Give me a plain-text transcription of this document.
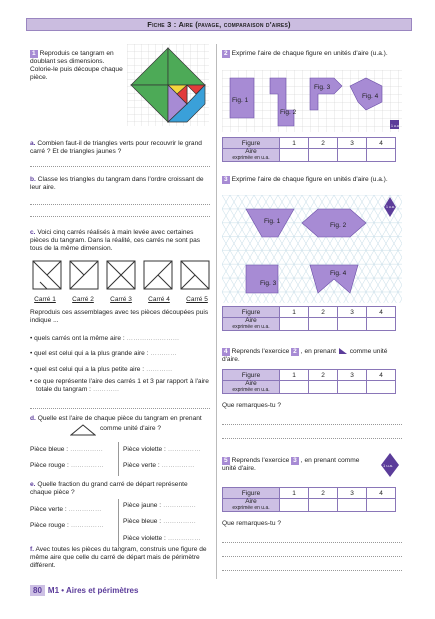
Fiche 3 : Aire (pavage, comparaison d'aires)
1 Reproduis ce tangram en doublant ses dimensions. Colorie-le puis découpe chaque pièce.
a. Combien faut-il de triangles verts pour recouvrir le grand carré ? Et de triangles jaunes ?
b. Classe les triangles du tangram dans l'ordre croissant de leur aire.
c. Voici cinq carrés réalisés à main levée avec certaines pièces du tangram. Dans la réalité, ces carrés ne sont pas tous de la même dimension.
Carré 1	Carré 2	Carré 3	Carré 4	Carré 5
Reproduis ces assemblages avec tes pièces découpées puis indique ...
• quels carrés ont la même aire : ……………………
• quel est celui qui a la plus grande aire : …………
• quel est celui qui a la plus petite aire : …………
• ce que représente l'aire des carrés 1 et 3 par rapport à l'aire totale du tangram : …………
d. Quelle est l'aire de chaque pièce du tangram en prenant
comme unité d'aire ?
Pièce bleue : ……………	Pièce violette : ……………
Pièce rouge : ……………	Pièce verte : ……………
e. Quelle fraction du grand carré de départ représente chaque pièce ?
Pièce jaune : ……………
Pièce verte : ……………
Pièce bleue : ……………
Pièce rouge : ……………
Pièce violette : ……………
f. Avec toutes les pièces du tangram, construis une figure de même aire que celle du carré de départ mais de périmètre différent.
2 Exprime l'aire de chaque figure en unités d'aire (u.a.).
Fig. 1
Fig. 2
Fig. 3
Fig. 4
1 u.a.
Figure	1	2	3	4
Aire
exprimée en u.a.				
3 Exprime l'aire de chaque figure en unités d'aire (u.a.).
Fig. 1
Fig. 2
Fig. 3
Fig. 4
1 u.a.
Figure	1	2	3	4
Aire
exprimée en u.a.				
4 Reprends l'exercice 2 , en prenant comme unité d'aire.
Figure	1	2	3	4
Aire
exprimée en u.a.				
Que remarques-tu ?
5 Reprends l'exercice 3 , en prenant comme unité d'aire.	1 u.a.
Figure	1	2	3	4
Aire
exprimée en u.a.				
Que remarques-tu ?
80 M1 • Aires et périmètres
